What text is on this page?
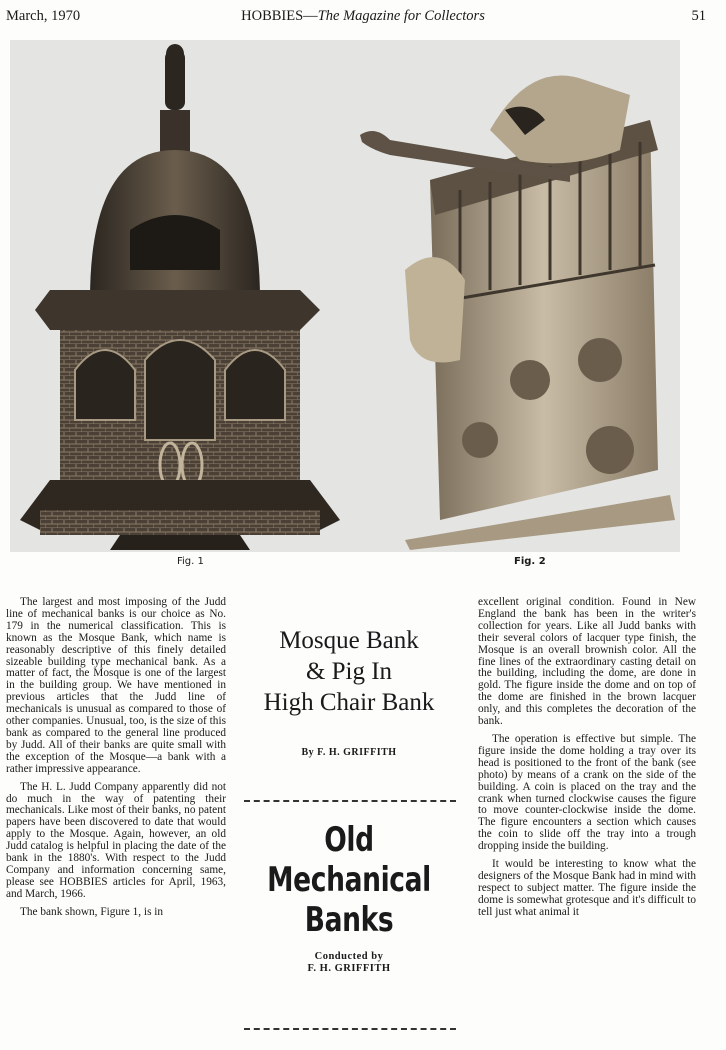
March, 1970	HOBBIES—The Magazine for Collectors	51
Fig. 1	Fig. 2

The largest and most imposing of the Judd line of mechanical banks is our choice as No. 179 in the numerical classification. This is known as the Mosque Bank, which name is reasonably descriptive of this finely detailed sizeable building type mechanical bank. As a matter of fact, the Mosque is one of the largest in the building group. We have mentioned in previous articles that the Judd line of mechanicals is unusual as compared to those of other companies. Unusual, too, is the size of this bank as compared to the general line produced by Judd. All of their banks are quite small with the exception of the Mosque—a bank with a rather impressive appearance.

The H. L. Judd Company apparently did not do much in the way of patenting their mechanicals. Like most of their banks, no patent papers have been discovered to date that would apply to the Mosque. Again, however, an old Judd catalog is helpful in placing the date of the bank in the 1880's. With respect to the Judd Company and information concerning same, please see HOBBIES articles for April, 1963, and March, 1966.

The bank shown, Figure 1, is in

Mosque Bank
& Pig In
High Chair Bank
By F. H. GRIFFITH
Old
Mechanical
Banks
Conducted by
F. H. GRIFFITH

excellent original condition. Found in New England the bank has been in the writer's collection for years. Like all Judd banks with their several colors of lacquer type finish, the Mosque is an overall brownish color. All the fine lines of the extraordinary casting detail on the building, including the dome, are done in gold. The figure inside the dome and on top of the dome are finished in the brown lacquer only, and this completes the decoration of the bank.

The operation is effective but simple. The figure inside the dome holding a tray over its head is positioned to the front of the bank (see photo) by means of a crank on the side of the building. A coin is placed on the tray and the crank when turned clockwise causes the figure to move counter-clockwise inside the dome. The figure encounters a section which causes the coin to slide off the tray into a trough dropping inside the building.

It would be interesting to know what the designers of the Mosque Bank had in mind with respect to subject matter. The figure inside the dome is somewhat grotesque and it's difficult to tell just what animal it
